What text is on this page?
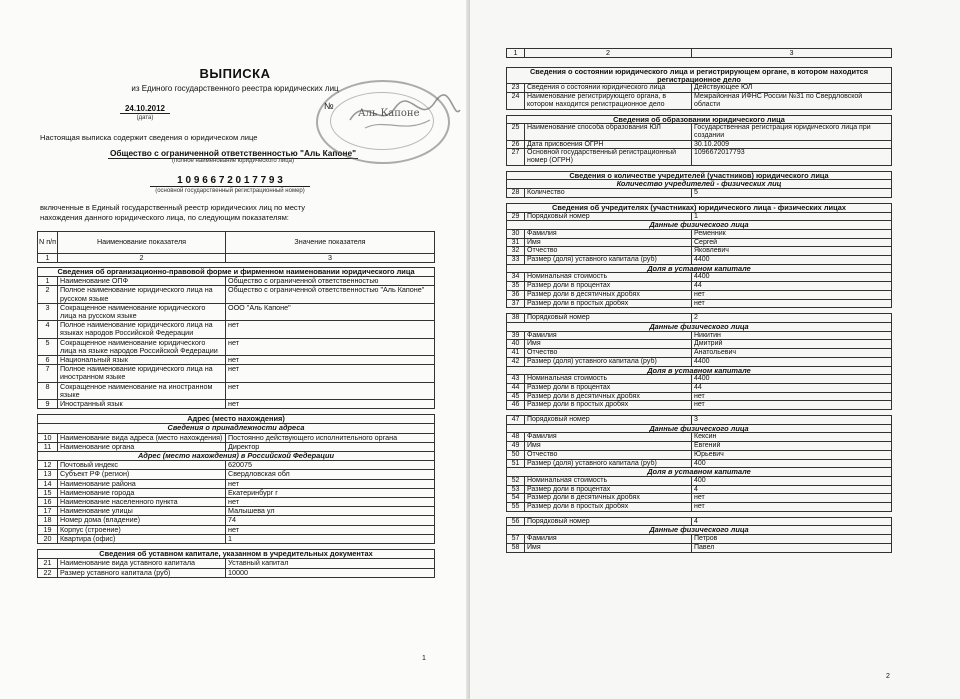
ВЫПИСКА
из Единого государственного реестра юридических лиц
24.10.2012
(дата)
№
Настоящая выписка содержит сведения о юридическом лице
Общество с ограниченной ответственностью "Аль Капоне"
(полное наименование юридического лица)
1 0 9 6 6 7 2 0 1 7 7 9 3
(основной государственный регистрационный номер)
включенные в Единый государственный реестр юридических лиц по месту
нахождения данного юридического лица, по следующим показателям:
Аль Капоне
N п/п	Наименование показателя	Значение показателя
1	2	3
Сведения об организационно-правовой форме и фирменном наименовании юридического лица		
1	Наименование ОПФ	Общество с ограниченной ответственностью
2	Полное наименование юридического лица на русском языке	Общество с ограниченной ответственностью "Аль Капоне"
3	Сокращенное наименование юридического лица на русском языке	ООО "Аль Капоне"
4	Полное наименование юридического лица на языках народов Российской Федерации	нет
5	Сокращенное наименование юридического лица на языке народов Российской Федерации	нет
6	Национальный язык	нет
7	Полное наименование юридического лица на иностранном языке	нет
8	Сокращенное наименование на иностранном языке	нет
9	Иностранный язык	нет

Адрес (место нахождения)		
Сведения о принадлежности адреса		
10	Наименование вида адреса (место нахождения)	Постоянно действующего исполнительного органа
11	Наименование органа	Директор
Адрес (место нахождения) в Российской Федерации		
12	Почтовый индекс	620075
13	Субъект РФ (регион)	Свердловская обл
14	Наименование района	нет
15	Наименование города	Екатеринбург г
16	Наименование населенного пункта	нет
17	Наименование улицы	Малышева ул
18	Номер дома (владение)	74
19	Корпус (строение)	нет
20	Квартира (офис)	1

Сведения об уставном капитале, указанном в учредительных документах		
21	Наименование вида уставного капитала	Уставный капитал
22	Размер уставного капитала (руб)	10000
1
1	2	3
Сведения о состоянии юридического лица и регистрирующем органе, в котором находится регистрационное дело		
23	Сведения о состоянии юридического лица	Действующее ЮЛ
24	Наименование регистрирующего органа, в котором находится регистрационное дело	Межрайонная ИФНС России №31 по Свердловской области

Сведения об образовании юридического лица		
25	Наименование способа образования ЮЛ	Государственная регистрация юридического лица при создании
26	Дата присвоения ОГРН	30.10.2009
27	Основной государственный регистрационный номер (ОГРН)	1096672017793

Сведения о количестве учредителей (участников) юридического лица		
Количество учредителей - физических лиц		
28	Количество	5

Сведения об учредителях (участниках) юридического лица - физических лицах		
29	Порядковый номер	1
Данные физического лица		
30	Фамилия	Ременник
31	Имя	Сергей
32	Отчество	Яковлевич
33	Размер (доля) уставного капитала (руб)	4400
Доля в уставном капитале		
34	Номинальная стоимость	4400
35	Размер доли в процентах	44
36	Размер доли в десятичных дробях	нет
37	Размер доли в простых дробях	нет

38	Порядковый номер	2
Данные физического лица		
39	Фамилия	Никитин
40	Имя	Дмитрий
41	Отчество	Анатольевич
42	Размер (доля) уставного капитала (руб)	4400
Доля в уставном капитале		
43	Номинальная стоимость	4400
44	Размер доли в процентах	44
45	Размер доли в десятичных дробях	нет
46	Размер доли в простых дробях	нет

47	Порядковый номер	3
Данные физического лица		
48	Фамилия	Кексин
49	Имя	Евгений
50	Отчество	Юрьевич
51	Размер (доля) уставного капитала (руб)	400
Доля в уставном капитале		
52	Номинальная стоимость	400
53	Размер доли в процентах	4
54	Размер доли в десятичных дробях	нет
55	Размер доли в простых дробях	нет

56	Порядковый номер	4
Данные физического лица		
57	Фамилия	Петров
58	Имя	Павел
2
